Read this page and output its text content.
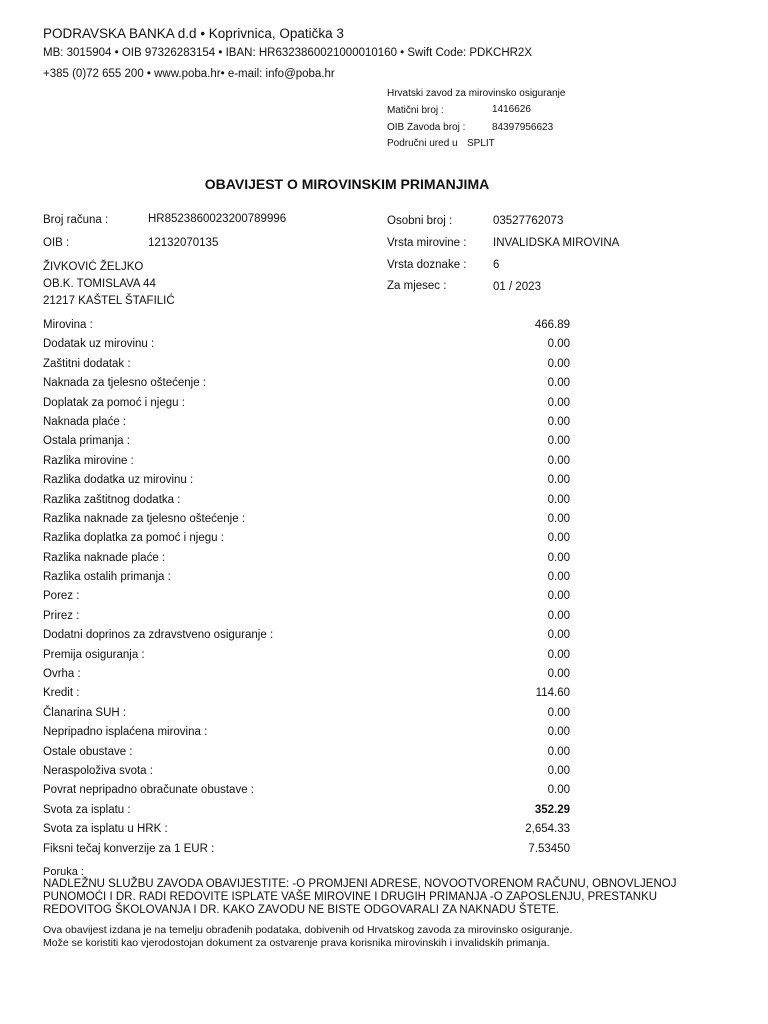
PODRAVSKA BANKA d.d • Koprivnica, Opatička 3
MB: 3015904 • OIB 97326283154 • IBAN: HR6323860021000010160 • Swift Code: PDKCHR2X
+385 (0)72 655 200 • www.poba.hr• e-mail: info@poba.hr
Hrvatski zavod za mirovinsko osiguranje
Matični broj :	1416626
OIB Zavoda broj :	84397956623
Područni ured u SPLIT
OBAVIJEST O MIROVINSKIM PRIMANJIMA
Broj računa :	HR8523860023200789996
OIB :	12132070135
ŽIVKOVIĆ ŽELJKO
OB.K. TOMISLAVA 44
21217 KAŠTEL ŠTAFILIĆ
Osobni broj :	03527762073
Vrsta mirovine : INVALIDSKA MIROVINA
Vrsta doznake : 6
Za mjesec :	01 / 2023
Mirovina :	466.89
Dodatak uz mirovinu :	0.00
Zaštitni dodatak :	0.00
Naknada za tjelesno oštećenje :	0.00
Doplatak za pomoć i njegu :	0.00
Naknada plaće :	0.00
Ostala primanja :	0.00
Razlika mirovine :	0.00
Razlika dodatka uz mirovinu :	0.00
Razlika zaštitnog dodatka :	0.00
Razlika naknade za tjelesno oštećenje :	0.00
Razlika doplatka za pomoć i njegu :	0.00
Razlika naknade plaće :	0.00
Razlika ostalih primanja :	0.00
Porez :	0.00
Prirez :	0.00
Dodatni doprinos za zdravstveno osiguranje :	0.00
Premija osiguranja :	0.00
Ovrha :	0.00
Kredit :	114.60
Članarina SUH :	0.00
Nepripadno isplaćena mirovina :	0.00
Ostale obustave :	0.00
Neraspoloživa svota :	0.00
Povrat nepripadno obračunate obustave :	0.00
Svota za isplatu :	352.29
Svota za isplatu u HRK :	2,654.33
Fiksni tečaj konverzije za 1 EUR :	7.53450
Poruka :
NADLEŽNU SLUŽBU ZAVODA OBAVIJESTITE: -O PROMJENI ADRESE, NOVOOTVORENOM RAČUNU, OBNOVLJENOJ PUNOMOĆI I DR. RADI REDOVITE ISPLATE VAŠE MIROVINE I DRUGIH PRIMANJA -O ZAPOSLENJU, PRESTANKU REDOVITOG ŠKOLOVANJA I DR. KAKO ZAVODU NE BISTE ODGOVARALI ZA NAKNADU ŠTETE.
Ova obavijest izdana je na temelju obrađenih podataka, dobivenih od Hrvatskog zavoda za mirovinsko osiguranje.
Može se koristiti kao vjerodostojan dokument za ostvarenje prava korisnika mirovinskih i invalidskih primanja.
